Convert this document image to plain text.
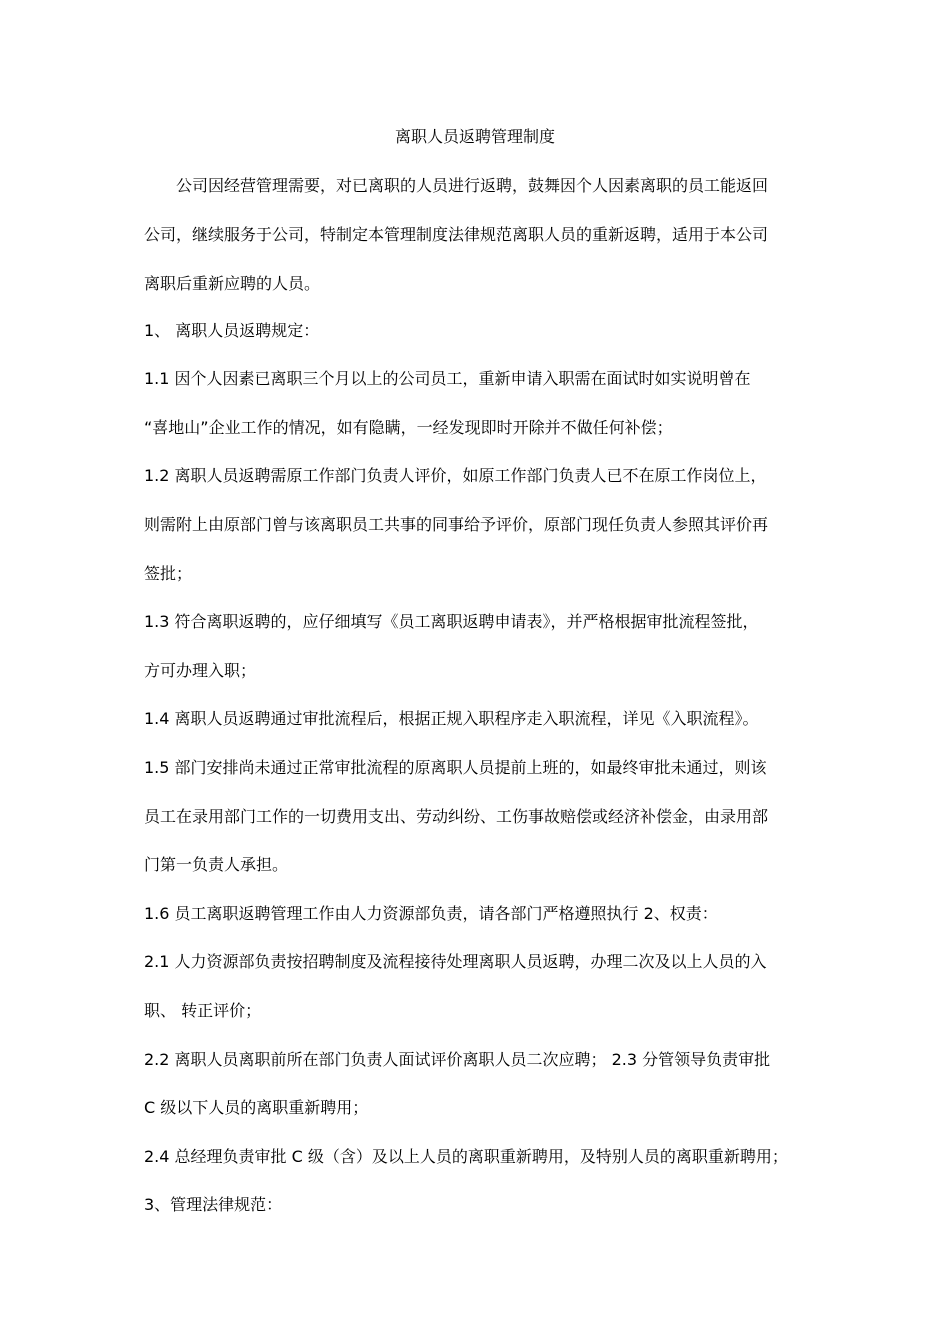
离职人员返聘管理制度
公司因经营管理需要，对已离职的人员进行返聘，鼓舞因个人因素离职的员工能返回
公司，继续服务于公司，特制定本管理制度法律规范离职人员的重新返聘，适用于本公司
离职后重新应聘的人员。
1、 离职人员返聘规定：
1.1 因个人因素已离职三个月以上的公司员工，重新申请入职需在面试时如实说明曾在
“喜地山”企业工作的情况，如有隐瞒，一经发现即时开除并不做任何补偿；
1.2 离职人员返聘需原工作部门负责人评价，如原工作部门负责人已不在原工作岗位上，
则需附上由原部门曾与该离职员工共事的同事给予评价，原部门现任负责人参照其评价再
签批；
1.3 符合离职返聘的，应仔细填写《员工离职返聘申请表》，并严格根据审批流程签批，
方可办理入职；
1.4 离职人员返聘通过审批流程后，根据正规入职程序走入职流程，详见《入职流程》。
1.5 部门安排尚未通过正常审批流程的原离职人员提前上班的，如最终审批未通过，则该
员工在录用部门工作的一切费用支出、劳动纠纷、工伤事故赔偿或经济补偿金，由录用部
门第一负责人承担。
1.6 员工离职返聘管理工作由人力资源部负责，请各部门严格遵照执行 2、权责：
2.1 人力资源部负责按招聘制度及流程接待处理离职人员返聘，办理二次及以上人员的入
职、 转正评价；
2.2 离职人员离职前所在部门负责人面试评价离职人员二次应聘； 2.3 分管领导负责审批
C 级以下人员的离职重新聘用；
2.4 总经理负责审批 C 级（含）及以上人员的离职重新聘用，及特别人员的离职重新聘用；
3、管理法律规范：
